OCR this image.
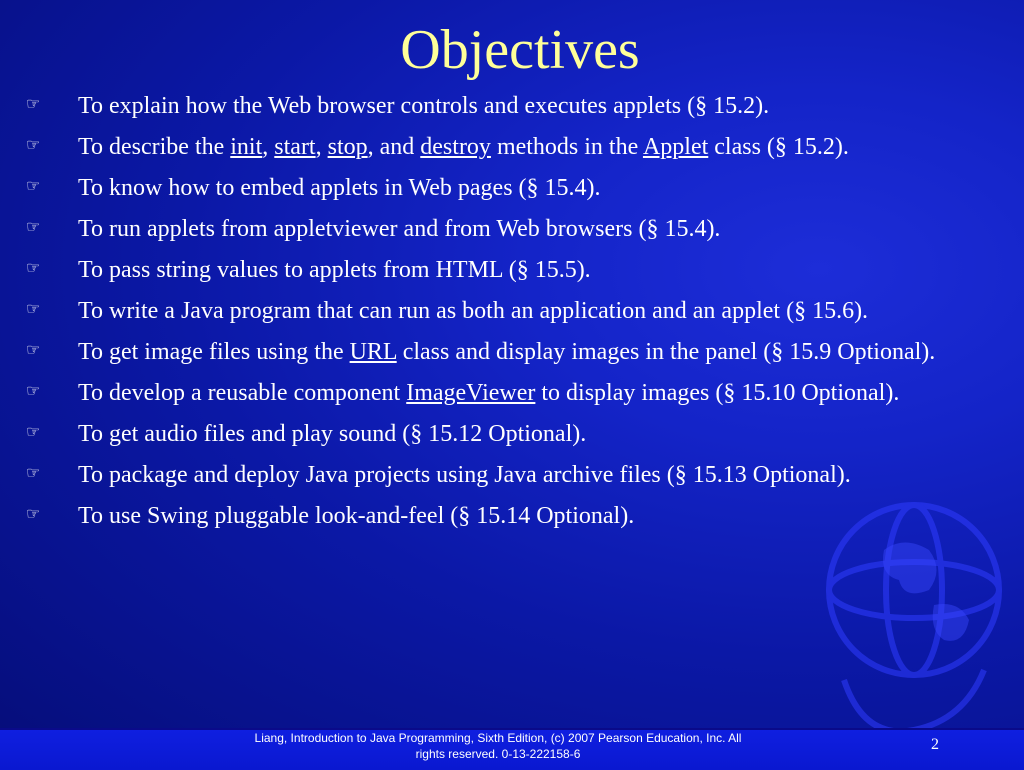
Objectives
☞	To explain how the Web browser controls and executes applets (§ 15.2).
☞	To describe the init, start, stop, and destroy methods in the Applet class (§ 15.2).
☞	To know how to embed applets in Web pages (§ 15.4).
☞	To run applets from appletviewer and from Web browsers (§ 15.4).
☞	To pass string values to applets from HTML (§ 15.5).
☞	To write a Java program that can run as both an application and an applet (§ 15.6).
☞	To get image files using the URL class and display images in the panel (§ 15.9 Optional).
☞	To develop a reusable component ImageViewer to display images (§ 15.10 Optional).
☞	To get audio files and play sound (§ 15.12 Optional).
☞	To package and deploy Java projects using Java archive files (§ 15.13 Optional).
☞	To use Swing pluggable look-and-feel (§ 15.14 Optional).
Liang, Introduction to Java Programming, Sixth Edition, (c) 2007 Pearson Education, Inc. All
rights reserved. 0-13-222158-6
2
